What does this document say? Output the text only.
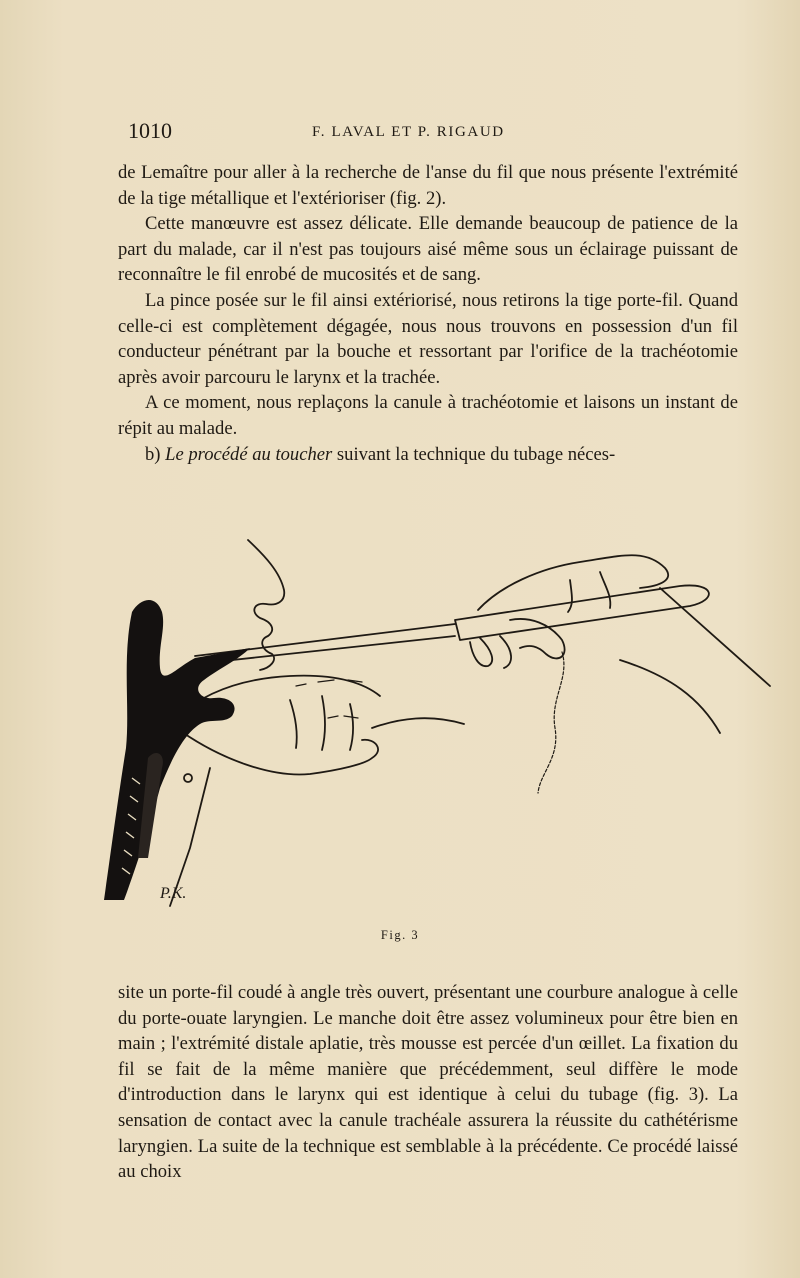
1010	F. LAVAL ET P. RIGAUD

de Lemaître pour aller à la recherche de l'anse du fil que nous présente l'extrémité de la tige métallique et l'extérioriser (fig. 2).

Cette manœuvre est assez délicate. Elle demande beaucoup de patience de la part du malade, car il n'est pas toujours aisé même sous un éclairage puissant de reconnaître le fil enrobé de mucosités et de sang.

La pince posée sur le fil ainsi extériorisé, nous retirons la tige porte-fil. Quand celle-ci est complètement dégagée, nous nous trouvons en possession d'un fil conducteur pénétrant par la bouche et ressortant par l'orifice de la trachéotomie après avoir parcouru le larynx et la trachée.

A ce moment, nous replaçons la canule à trachéotomie et laisons un instant de répit au malade.

b) Le procédé au toucher suivant la technique du tubage néces-

P.K.
Fig. 3

site un porte-fil coudé à angle très ouvert, présentant une courbure analogue à celle du porte-ouate laryngien. Le manche doit être assez volumineux pour être bien en main ; l'extrémité distale aplatie, très mousse est percée d'un œillet. La fixation du fil se fait de la même manière que précédemment, seul diffère le mode d'introduction dans le larynx qui est identique à celui du tubage (fig. 3). La sensation de contact avec la canule trachéale assurera la réussite du cathétérisme laryngien. La suite de la technique est semblable à la précédente. Ce procédé laissé au choix
